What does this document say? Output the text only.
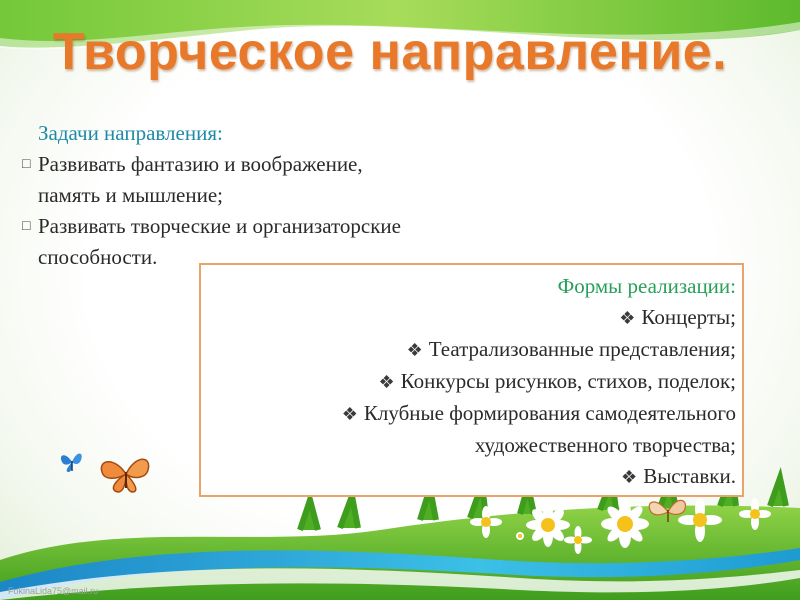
Творческое направление.
Задачи направления:
□ Развивать фантазию и воображение,
память и мышление;
□ Развивать творческие и организаторские
способности.
Формы реализации:
❖ Концерты;
❖ Театрализованные представления;
❖ Конкурсы рисунков, стихов, поделок;
❖ Клубные формирования самодеятельного
художественного творчества;
❖ Выставки.
FokinaLida75@mail.ru
